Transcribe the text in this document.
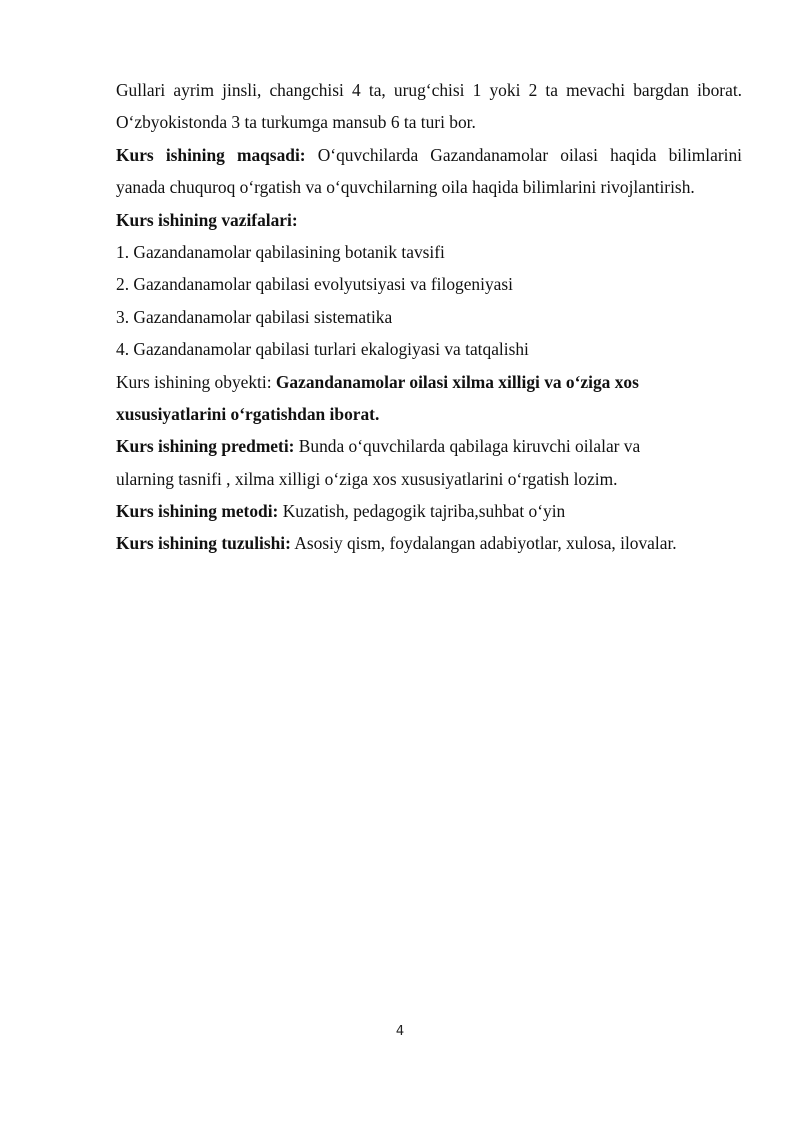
Gullari ayrim jinsli, changchisi 4 ta, urug‘chisi 1 yoki 2 ta mevachi bargdan iborat.
O‘zbyokistonda 3 ta turkumga mansub 6 ta turi bor.
Kurs ishining maqsadi: O‘quvchilarda Gazandanamolar oilasi haqida bilimlarini
yanada chuquroq o‘rgatish va o‘quvchilarning oila haqida bilimlarini rivojlantirish.
Kurs ishining vazifalari:
1. Gazandanamolar qabilasining botanik tavsifi
2. Gazandanamolar qabilasi evolyutsiyasi va filogeniyasi
3. Gazandanamolar qabilasi sistematika
4. Gazandanamolar qabilasi turlari ekalogiyasi va tatqalishi
Kurs ishining obyekti: Gazandanamolar oilasi xilma xilligi va o‘ziga xos
xususiyatlarini o‘rgatishdan iborat.
Kurs ishining predmeti: Bunda o‘quvchilarda qabilaga kiruvchi oilalar va
ularning tasnifi , xilma xilligi o‘ziga xos xususiyatlarini o‘rgatish lozim.
Kurs ishining metodi: Kuzatish, pedagogik tajriba,suhbat o‘yin
Kurs ishining tuzulishi: Asosiy qism, foydalangan adabiyotlar, xulosa, ilovalar.
4
